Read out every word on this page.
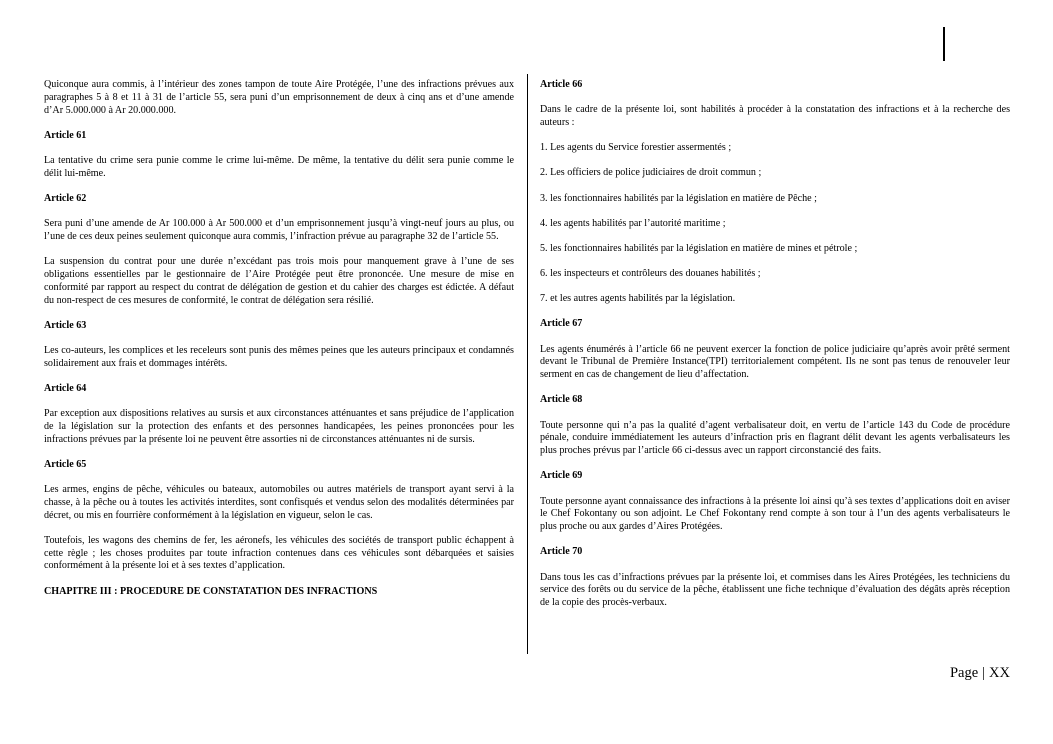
Quiconque aura commis, à l’intérieur des zones tampon de toute Aire Protégée, l’une des infractions prévues aux paragraphes 5 à 8 et 11 à 31 de l’article 55, sera puni d’un emprisonnement de deux à cinq ans et d’une amende d’Ar 5.000.000 à Ar 20.000.000.

Article 61

La tentative du crime sera punie comme le crime lui-même. De même, la tentative du délit sera punie comme le délit lui-même.

Article 62

Sera puni d’une amende de Ar 100.000 à Ar 500.000 et d’un emprisonnement jusqu’à vingt-neuf jours au plus, ou l’une de ces deux peines seulement quiconque aura commis, l’infraction prévue au paragraphe 32 de l’article 55.

La suspension du contrat pour une durée n’excédant pas trois mois pour manquement grave à l’une de ses obligations essentielles par le gestionnaire de l’Aire Protégée peut être prononcée. Une mesure de mise en conformité par rapport au respect du contrat de délégation de gestion et du cahier des charges est édictée. A défaut du non-respect de ces mesures de conformité, le contrat de délégation sera résilié.

Article 63

Les co-auteurs, les complices et les receleurs sont punis des mêmes peines que les auteurs principaux et condamnés solidairement aux frais et dommages intérêts.

Article 64

Par exception aux dispositions relatives au sursis et aux circonstances atténuantes et sans préjudice de l’application de la législation sur la protection des enfants et des personnes handicapées, les peines prononcées pour les infractions prévues par la présente loi ne peuvent être assorties ni de circonstances atténuantes ni de sursis.

Article 65

Les armes, engins de pêche, véhicules ou bateaux, automobiles ou autres matériels de transport ayant servi à la chasse, à la pêche ou à toutes les activités interdites, sont confisqués et vendus selon des modalités déterminées par décret, ou mis en fourrière conformément à la législation en vigueur, selon le cas.

Toutefois, les wagons des chemins de fer, les aéronefs, les véhicules des sociétés de transport public échappent à cette règle ; les choses produites par toute infraction contenues dans ces véhicules sont débarquées et saisies conformément à la présente loi et à ses textes d’application.

CHAPITRE III : PROCEDURE DE CONSTATATION DES INFRACTIONS
Article 66

Dans le cadre de la présente loi, sont habilités à procéder à la constatation des infractions et à la recherche des auteurs :

1. Les agents du Service forestier assermentés ;

2. Les officiers de police judiciaires de droit commun ;

3. les fonctionnaires habilités par la législation en matière de Pêche ;

4. les agents habilités par l’autorité maritime ;

5. les fonctionnaires habilités par la législation en matière de mines et pétrole ;

6. les inspecteurs et contrôleurs des douanes habilités ;

7. et les autres agents habilités par la législation.

Article 67

Les agents énumérés à l’article 66 ne peuvent exercer la fonction de police judiciaire qu’après avoir prêté serment devant le Tribunal de Première Instance(TPI) territorialement compétent. Ils ne sont pas tenus de renouveler leur serment en cas de changement de lieu d’affectation.

Article 68

Toute personne qui n’a pas la qualité d’agent verbalisateur doit, en vertu de l’article 143 du Code de procédure pénale, conduire immédiatement les auteurs d’infraction pris en flagrant délit devant les agents verbalisateurs les plus proches prévus par l’article 66 ci-dessus avec un rapport circonstancié des faits.

Article 69

Toute personne ayant connaissance des infractions à la présente loi ainsi qu’à ses textes d’applications doit en aviser le Chef Fokontany ou son adjoint. Le Chef Fokontany rend compte à son tour à l’un des agents verbalisateurs le plus proche ou aux gardes d’Aires Protégées.

Article 70

Dans tous les cas d’infractions prévues par la présente loi, et commises dans les Aires Protégées, les techniciens du service des forêts ou du service de la pêche, établissent une fiche technique d’évaluation des dégâts après réception de la copie des procès-verbaux.

Page | XX
